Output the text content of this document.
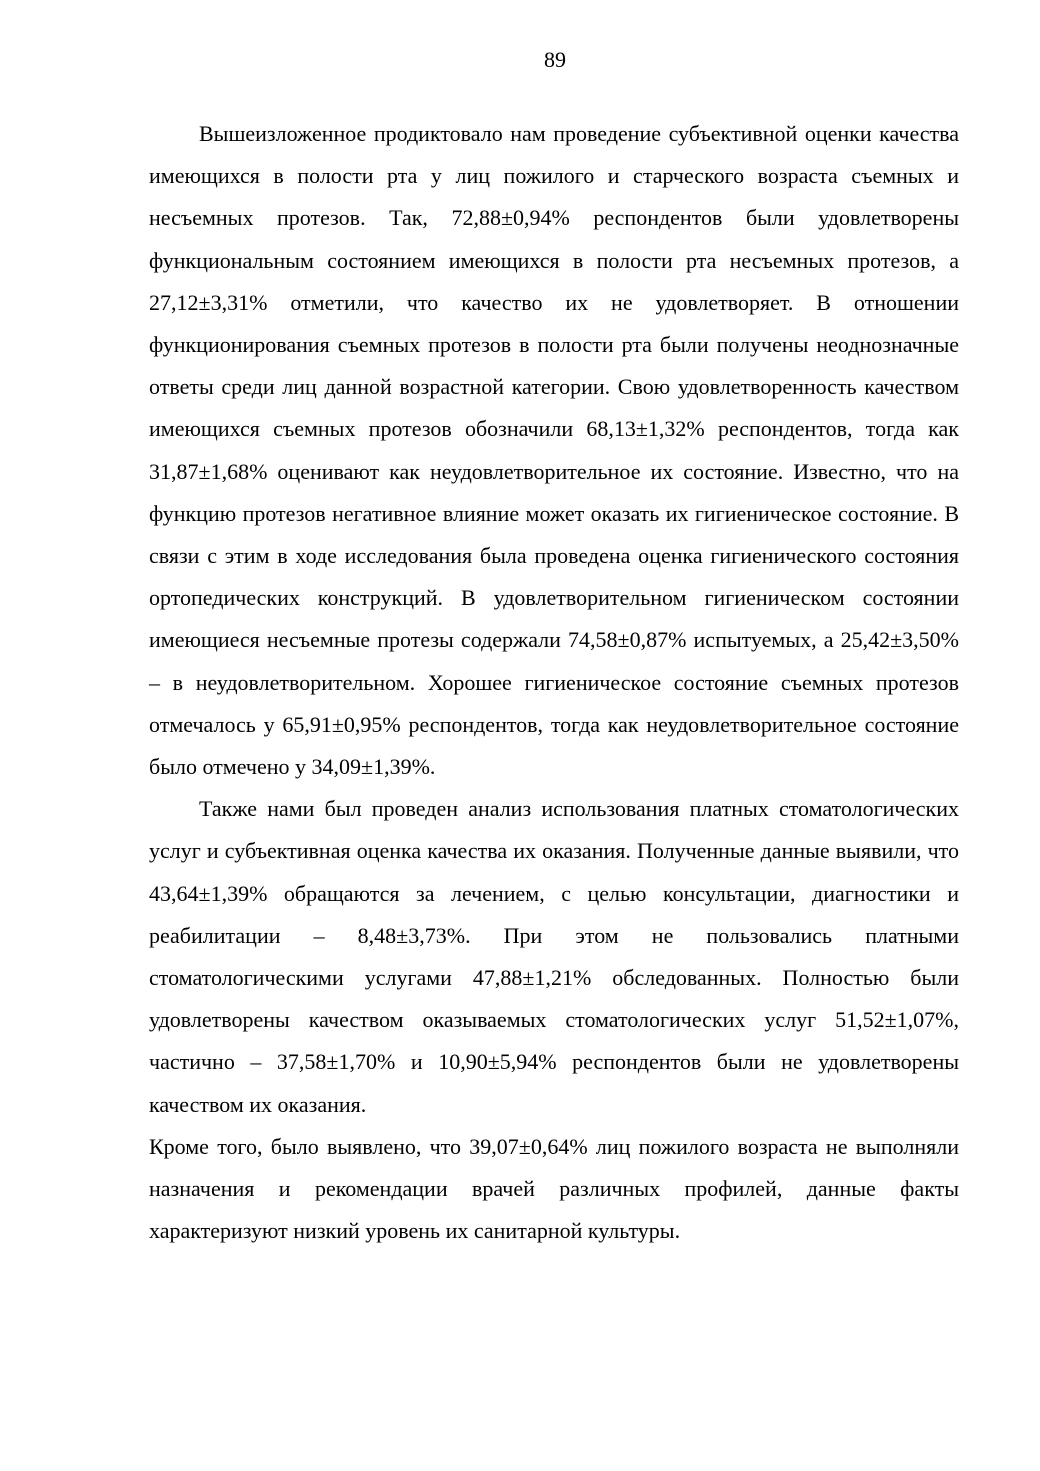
89

Вышеизложенное продиктовало нам проведение субъективной оценки качества имеющихся в полости рта у лиц пожилого и старческого возраста съемных и несъемных протезов. Так, 72,88±0,94% респондентов были удовлетворены функциональным состоянием имеющихся в полости рта несъемных протезов, а 27,12±3,31% отметили, что качество их не удовлетворяет. В отношении функционирования съемных протезов в полости рта были получены неоднозначные ответы среди лиц данной возрастной категории. Свою удовлетворенность качеством имеющихся съемных протезов обозначили 68,13±1,32% респондентов, тогда как 31,87±1,68% оценивают как неудовлетворительное их состояние. Известно, что на функцию протезов негативное влияние может оказать их гигиеническое состояние. В связи с этим в ходе исследования была проведена оценка гигиенического состояния ортопедических конструкций. В удовлетворительном гигиеническом состоянии имеющиеся несъемные протезы содержали 74,58±0,87% испытуемых, а 25,42±3,50% – в неудовлетворительном. Хорошее гигиеническое состояние съемных протезов отмечалось у 65,91±0,95% респондентов, тогда как неудовлетворительное состояние было отмечено у 34,09±1,39%.

Также нами был проведен анализ использования платных стоматологических услуг и субъективная оценка качества их оказания. Полученные данные выявили, что 43,64±1,39% обращаются за лечением, с целью консультации, диагностики и реабилитации – 8,48±3,73%. При этом не пользовались платными стоматологическими услугами 47,88±1,21% обследованных. Полностью были удовлетворены качеством оказываемых стоматологических услуг 51,52±1,07%, частично – 37,58±1,70% и 10,90±5,94% респондентов были не удовлетворены качеством их оказания.

Кроме того, было выявлено, что 39,07±0,64% лиц пожилого возраста не выполняли назначения и рекомендации врачей различных профилей, данные факты характеризуют низкий уровень их санитарной культуры.
